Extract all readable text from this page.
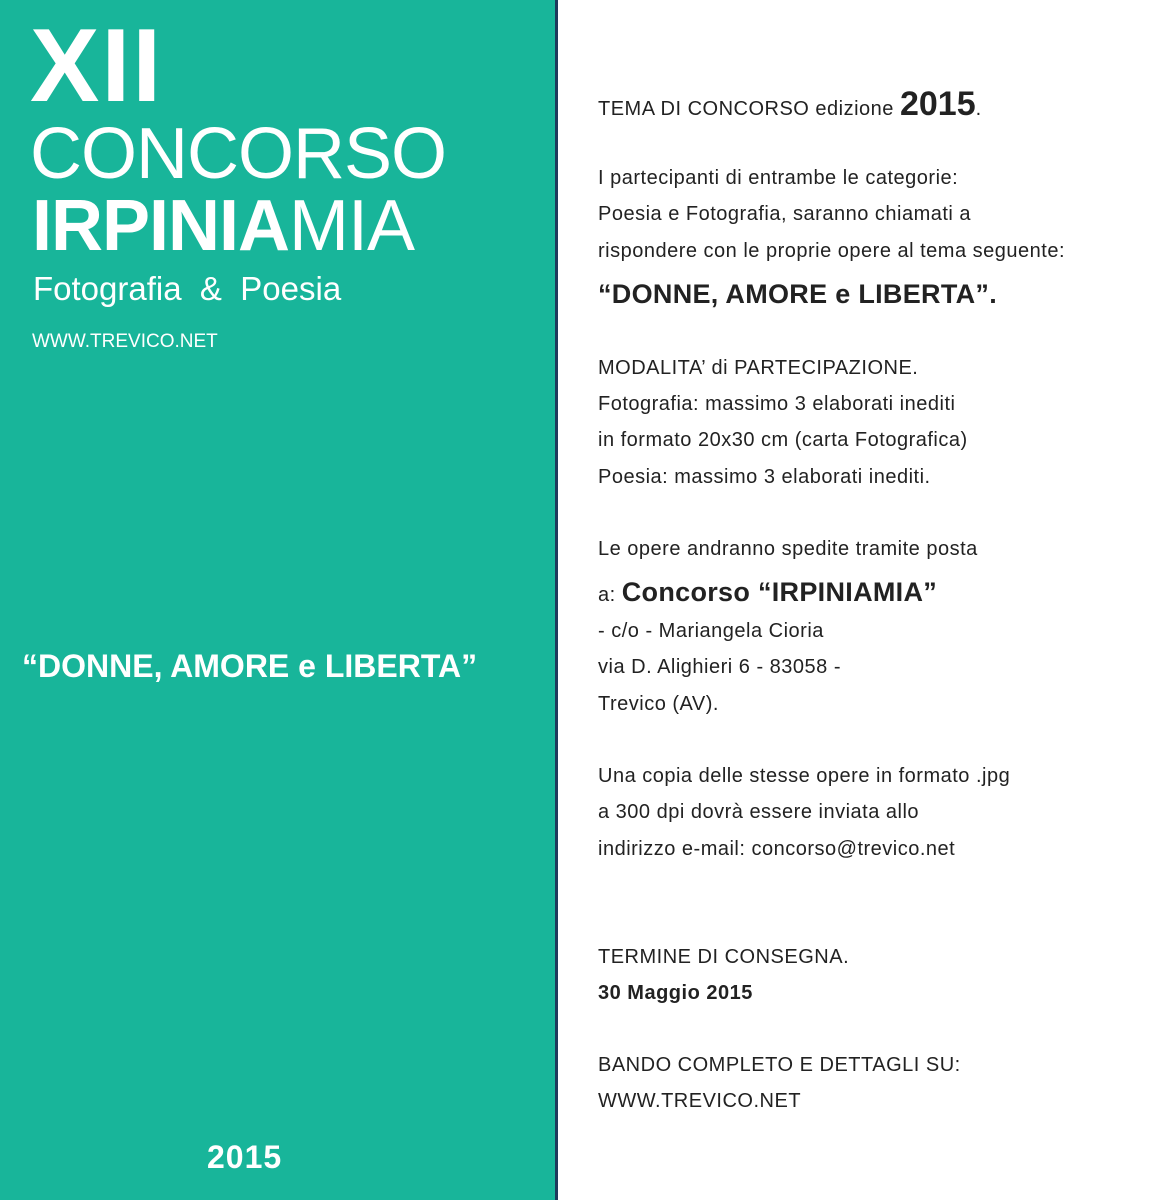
XII
CONCORSO
IRPINIAMIA
Fotografia  &  Poesia
WWW.TREVICO.NET
“DONNE, AMORE e LIBERTA”
2015
TEMA DI CONCORSO edizione 2015.
I partecipanti di entrambe le categorie:
Poesia e Fotografia, saranno chiamati a
rispondere con le proprie opere al tema seguente:
“DONNE, AMORE e LIBERTA”.
MODALITA’ di PARTECIPAZIONE.
Fotografia: massimo 3 elaborati inediti
in formato 20x30 cm (carta Fotografica)
Poesia: massimo 3 elaborati inediti.
Le opere andranno spedite tramite posta
a: Concorso “IRPINIAMIA”
- c/o - Mariangela Cioria
via D. Alighieri 6 - 83058 -
Trevico (AV).
Una copia delle stesse opere in formato .jpg
a 300 dpi dovrà essere inviata allo
indirizzo e-mail: concorso@trevico.net
TERMINE DI CONSEGNA.
30 Maggio 2015
BANDO COMPLETO E DETTAGLI SU:
WWW.TREVICO.NET
